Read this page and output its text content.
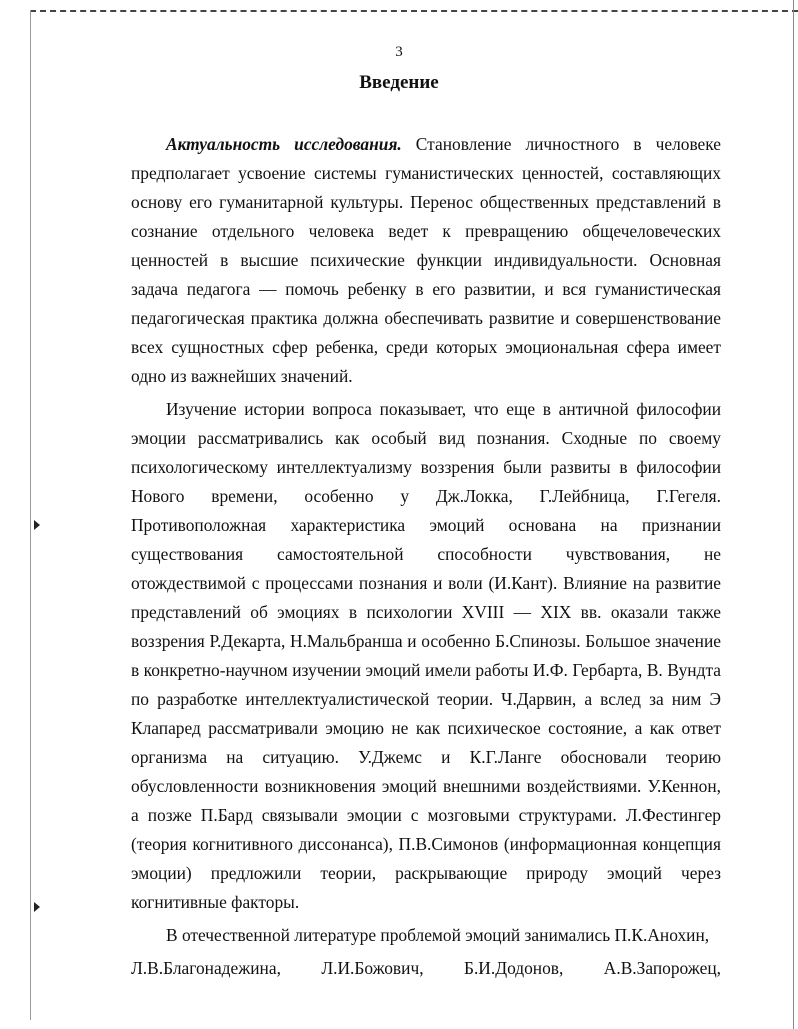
3
Введение

Актуальность исследования. Становление личностного в человеке предполагает усвоение системы гуманистических ценностей, составляющих основу его гуманитарной культуры. Перенос общественных представлений в сознание отдельного человека ведет к превращению общечеловеческих ценностей в высшие психические функции индивидуальности. Основная задача педагога — помочь ребенку в его развитии, и вся гуманистическая педагогическая практика должна обеспечивать развитие и совершенствование всех сущностных сфер ребенка, среди которых эмоциональная сфера имеет одно из важнейших значений.

Изучение истории вопроса показывает, что еще в античной философии эмоции рассматривались как особый вид познания. Сходные по своему психологическому интеллектуализму воззрения были развиты в философии Нового времени, особенно у Дж.Локка, Г.Лейбница, Г.Гегеля. Противоположная характеристика эмоций основана на признании существования самостоятельной способности чувствования, не отождествимой с процессами познания и воли (И.Кант). Влияние на развитие представлений об эмоциях в психологии XVIII — XIX вв. оказали также воззрения Р.Декарта, Н.Мальбранша и особенно Б.Спинозы. Большое значение в конкретно-научном изучении эмоций имели работы И.Ф. Гербарта, В. Вундта по разработке интеллектуалистической теории. Ч.Дарвин, а вслед за ним Э Клапаред рассматривали эмоцию не как психическое состояние, а как ответ организма на ситуацию. У.Джемс и К.Г.Ланге обосновали теорию обусловленности возникновения эмоций внешними воздействиями. У.Кеннон, а позже П.Бард связывали эмоции с мозговыми структурами. Л.Фестингер (теория когнитивного диссонанса), П.В.Симонов (информационная концепция эмоции) предложили теории, раскрывающие природу эмоций через когнитивные факторы.

В отечественной литературе проблемой эмоций занимались П.К.Анохин,

Л.В.Благонадежина, Л.И.Божович, Б.И.Додонов, А.В.Запорожец,
